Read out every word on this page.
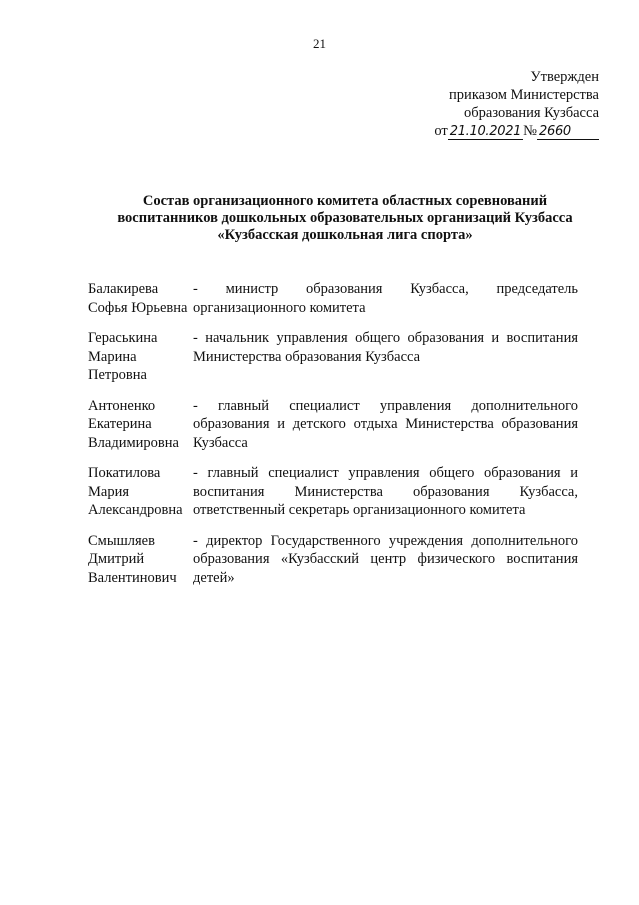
21
Утвержден
приказом Министерства
образования Кузбасса
от 21.10.2021 № 2660
Состав организационного комитета областных соревнований
воспитанников дошкольных образовательных организаций Кузбасса
«Кузбасская дошкольная лига спорта»
Балакирева
Софья Юрьевна
- министр образования Кузбасса, председатель организационного комитета
Гераськина
Марина
Петровна
- начальник управления общего образования и воспитания Министерства образования Кузбасса
Антоненко
Екатерина
Владимировна
- главный специалист управления дополнительного образования и детского отдыха Министерства образования Кузбасса
Покатилова
Мария
Александровна
- главный специалист управления общего образования и воспитания Министерства образования Кузбасса, ответственный секретарь организационного комитета
Смышляев
Дмитрий
Валентинович
- директор Государственного учреждения дополнительного образования «Кузбасский центр физического воспитания детей»
